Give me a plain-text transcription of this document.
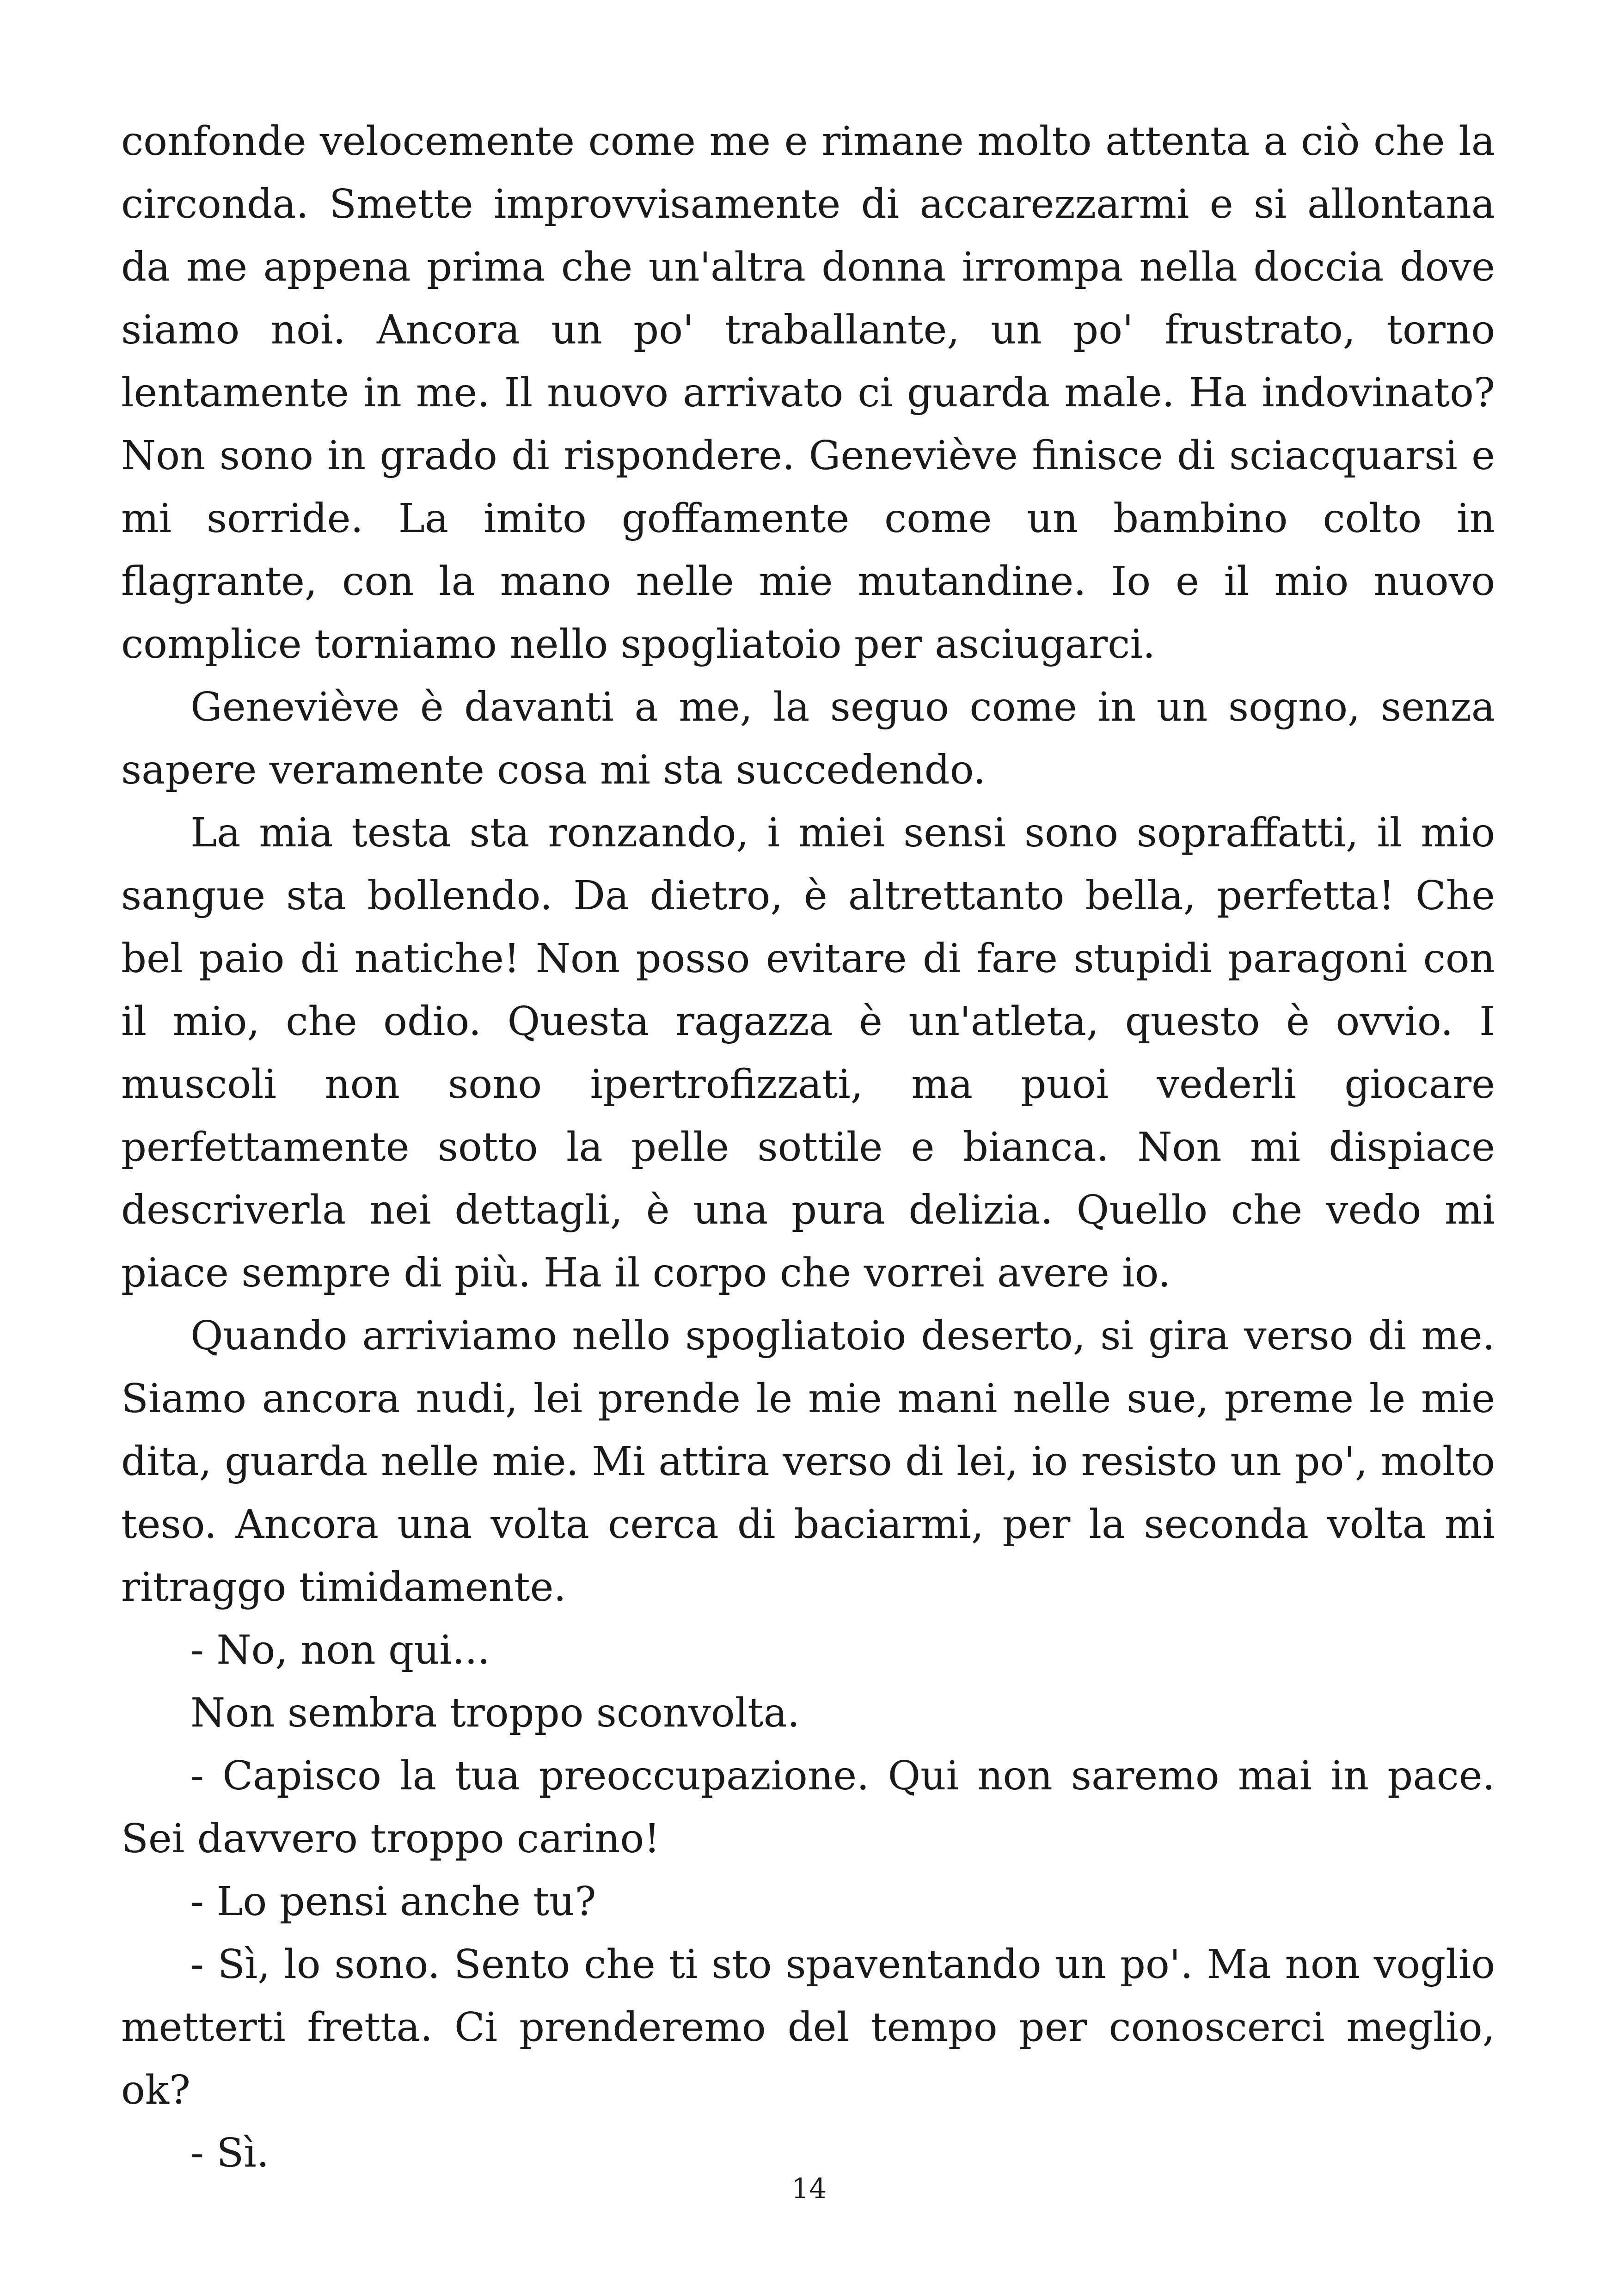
confonde velocemente come me e rimane molto attenta a ciò che la circonda. Smette improvvisamente di accarezzarmi e si allontana da me appena prima che un'altra donna irrompa nella doccia dove siamo noi. Ancora un po' traballante, un po' frustrato, torno lentamente in me. Il nuovo arrivato ci guarda male. Ha indovinato? Non sono in grado di rispondere. Geneviève finisce di sciacquarsi e mi sorride. La imito goffamente come un bambino colto in flagrante, con la mano nelle mie mutandine. Io e il mio nuovo complice torniamo nello spogliatoio per asciugarci.

Geneviève è davanti a me, la seguo come in un sogno, senza sapere veramente cosa mi sta succedendo.

La mia testa sta ronzando, i miei sensi sono sopraffatti, il mio sangue sta bollendo. Da dietro, è altrettanto bella, perfetta! Che bel paio di natiche! Non posso evitare di fare stupidi paragoni con il mio, che odio. Questa ragazza è un'atleta, questo è ovvio. I muscoli non sono ipertrofizzati, ma puoi vederli giocare perfettamente sotto la pelle sottile e bianca. Non mi dispiace descriverla nei dettagli, è una pura delizia. Quello che vedo mi piace sempre di più. Ha il corpo che vorrei avere io.

Quando arriviamo nello spogliatoio deserto, si gira verso di me. Siamo ancora nudi, lei prende le mie mani nelle sue, preme le mie dita, guarda nelle mie. Mi attira verso di lei, io resisto un po', molto teso. Ancora una volta cerca di baciarmi, per la seconda volta mi ritraggo timidamente.

- No, non qui...

Non sembra troppo sconvolta.

- Capisco la tua preoccupazione. Qui non saremo mai in pace. Sei davvero troppo carino!

- Lo pensi anche tu?

- Sì, lo sono. Sento che ti sto spaventando un po'. Ma non voglio metterti fretta. Ci prenderemo del tempo per conoscerci meglio, ok?

- Sì.

14
